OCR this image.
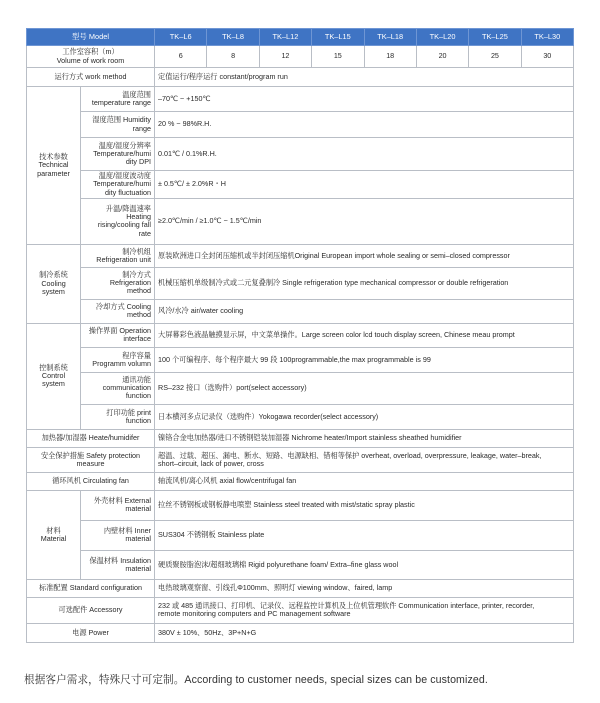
型号 Model		TK–L6	TK–L8	TK–L12	TK–L15	TK–L18	TK–L20	TK–L25	TK–L30
工作室容积（m）
Volume of work room		6	8	12	15	18	20	25	30
运行方式 work method		定值运行/程序运行 constant/program run							
技术参数
Technical
parameter	温度范围
temperature range	–70℃ ~ +150℃							
	湿度范围 Humidity
range	20 % ~ 98%R.H.							
	温度/湿度分辨率
Temperature/humi
dity DPI	0.01℃ / 0.1%R.H.							
	温度/湿度波动度
Temperature/humi
dity fluctuation	± 0.5℃/ ± 2.0%R・H							
	升温/降温速率
Heating
rising/cooling fall
rate	≥2.0℃/min / ≥1.0℃ ~ 1.5℃/min							
制冷系统
Cooling
system	制冷机组
Refrigeration unit	原装欧洲进口全封闭压缩机或半封闭压缩机Original European import whole sealing or semi–closed compressor							
	制冷方式
Refrigeration
method	机械压缩机单级制冷式或二元复叠制冷 Single refrigeration type mechanical compressor or double refrigeration							
	冷却方式 Cooling
method	风冷/水冷 air/water cooling							
控制系统
Control
system	操作界面 Operation
interface	大屏幕彩色液晶触摸显示屏，中文菜单操作。Large screen color lcd touch display screen, Chinese meau prompt							
	程序容量
Programm volumn	100 个可编程序、每个程序最大 99 段 100programmable,the max programmable is 99							
	通讯功能
communication
function	RS–232 接口（选购件）port(select accessory)							
	打印功能 print
function	日本横河多点记录仪（选购件）Yokogawa recorder(select accessory)							
加热器/加湿器 Heate/humidifer		镍铬合金电加热器/进口不锈钢铠装加湿器 Nichrome heater/Import stainless sheathed humidifier							
安全保护措施 Safety protection
measure		超温、过载、超压、漏电、断水、短路、电源缺相、错相等保护 overheat, overload, overpressure, leakage, water–break,
short–circuit, lack of power, cross							
循环风机 Circulating fan		轴流风机/离心风机 axial flow/centrifugal fan							
材料
Material	外壳材料 External
material	拉丝不锈钢板或钢板静电喷塑 Stainless steel treated with mist/static spray plastic							
	内壁材料 Inner
material	SUS304 不锈钢板 Stainless plate							
	保温材料 Insulation
material	硬质聚胺脂泡沫/超细玻璃棉 Rigid polyurethane foam/ Extra–fine glass wool							
标准配置 Standard configuration		电热玻璃观察窗、引线孔Φ100mm、照明灯 viewing window、faired, lamp							
可选配件 Accessory		232 或 485 通讯接口、打印机、记录仪、远程监控计算机及上位机管理软件 Communication interface, printer, recorder,
remote monitoring computers and PC management software							
电源 Power		380V ± 10%、50Hz、3P+N+G							
根据客户需求，特殊尺寸可定制。According to customer needs, special sizes can be customized.
